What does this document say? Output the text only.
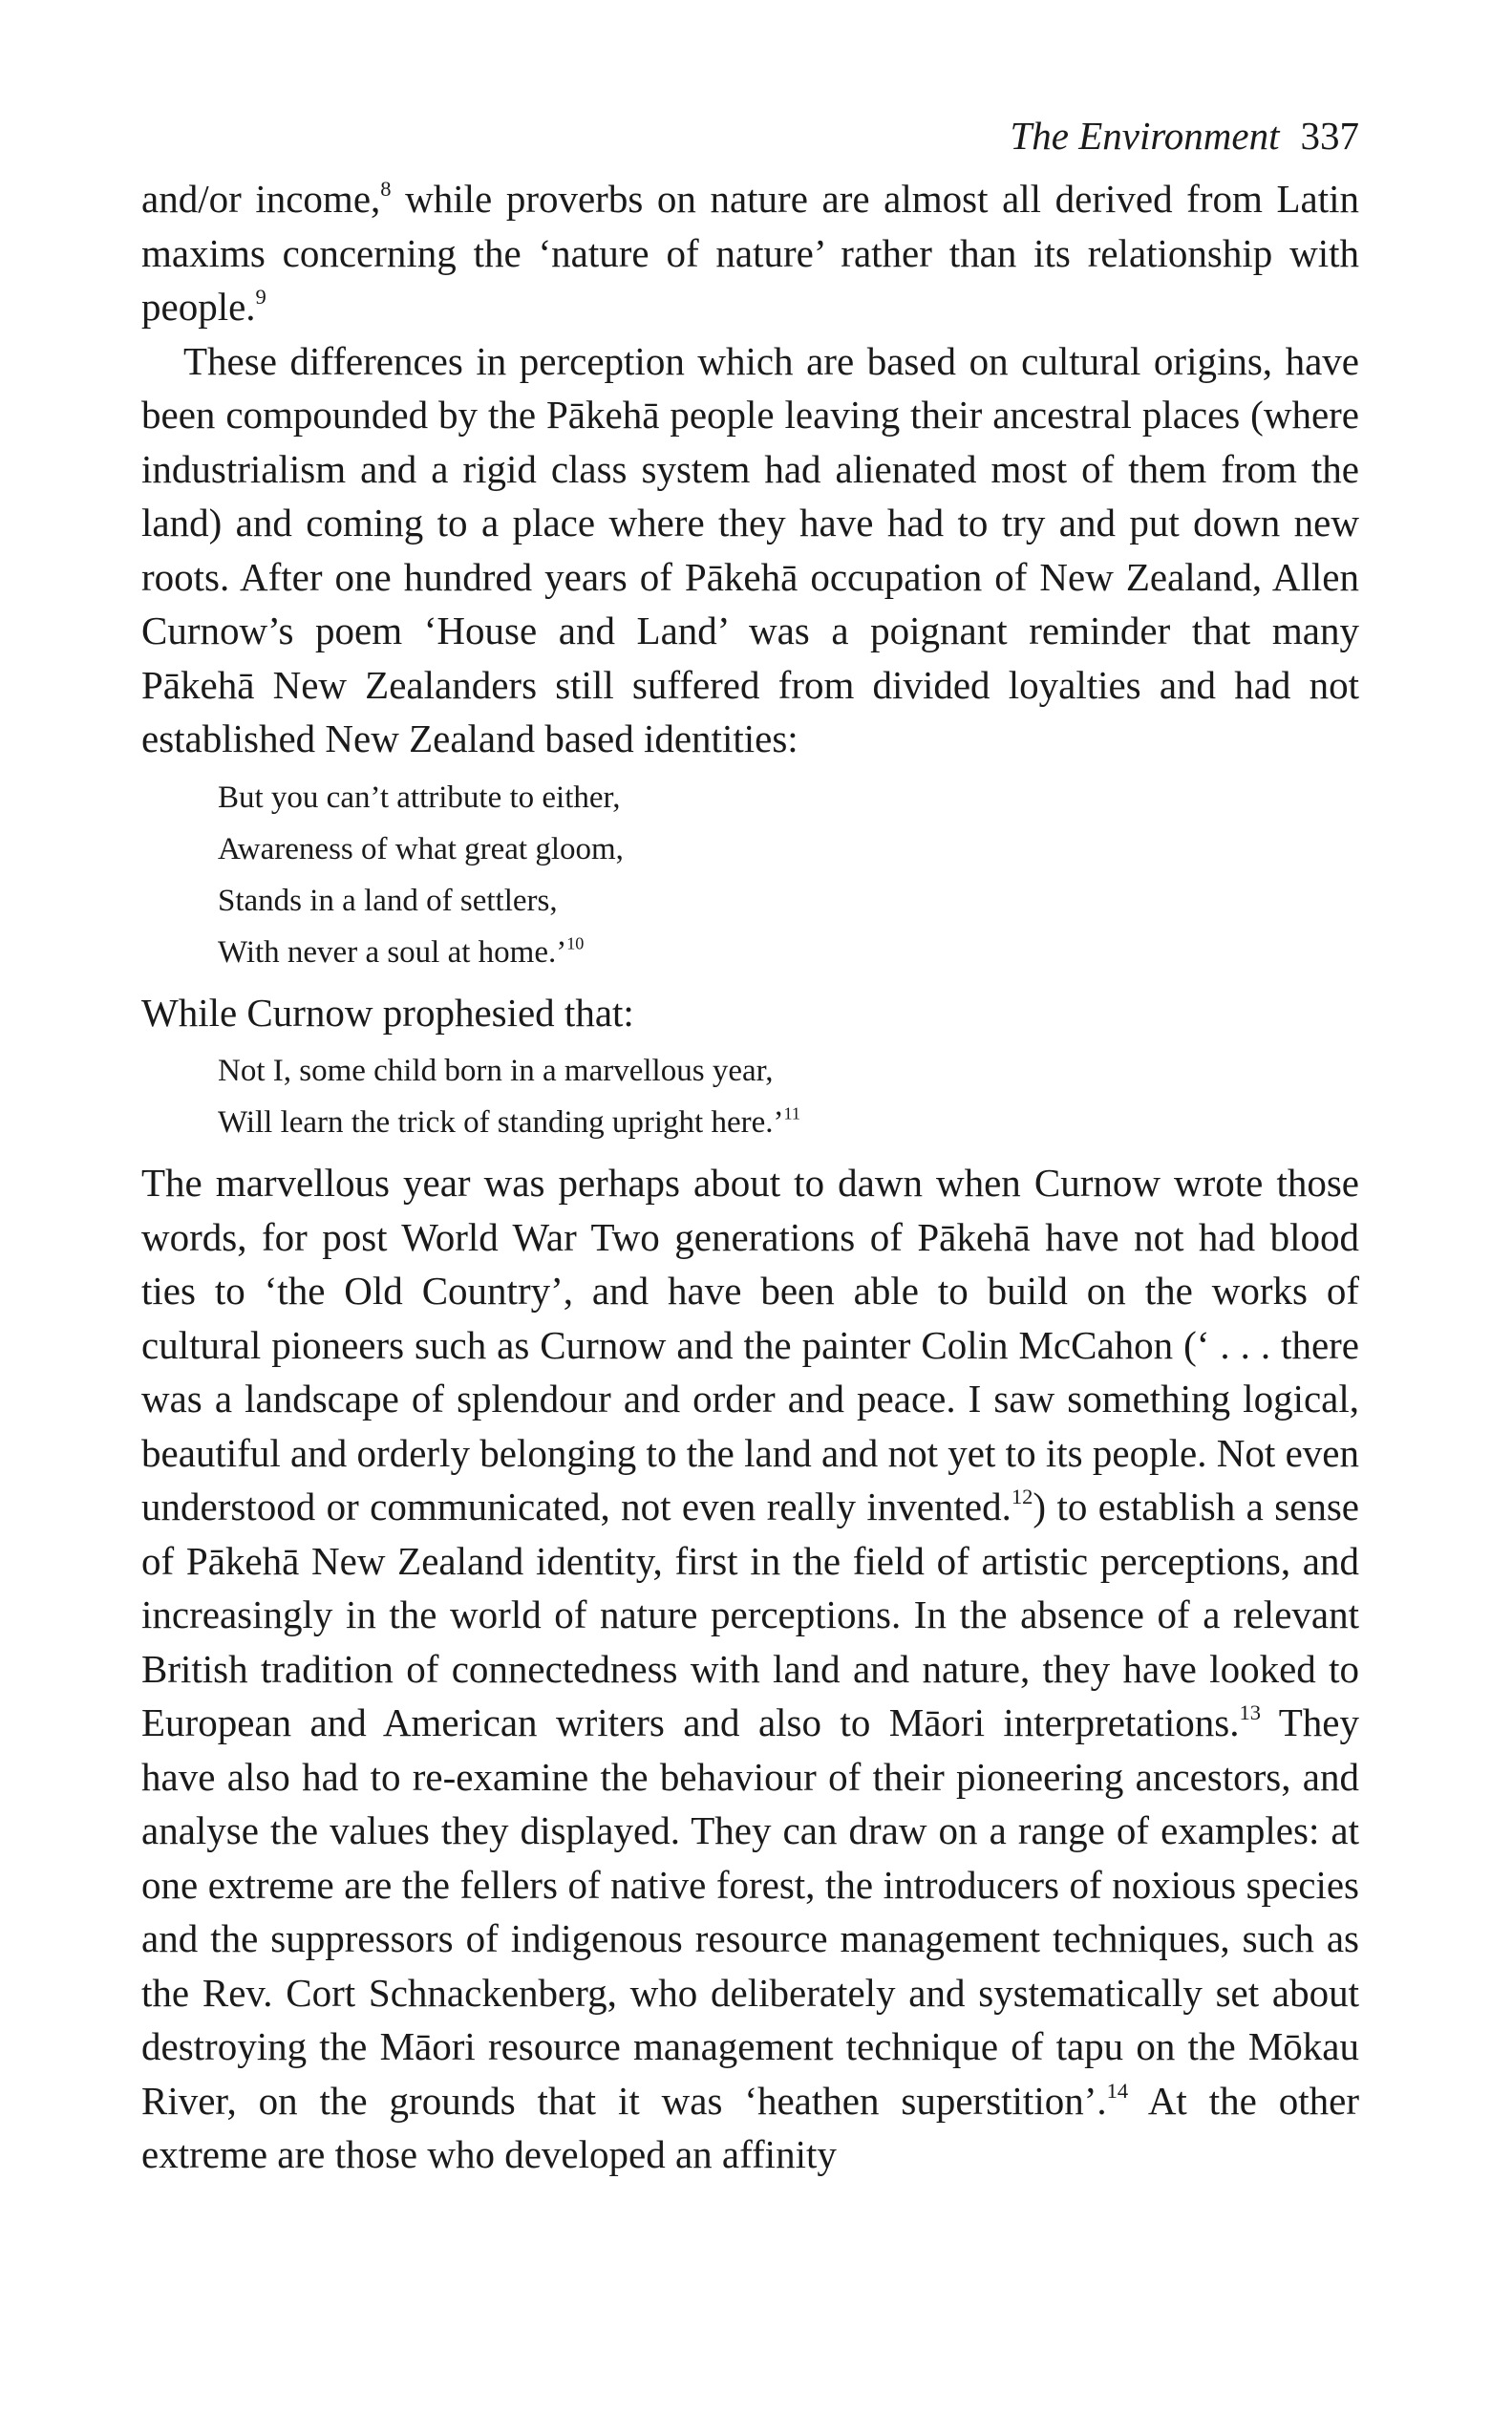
The Environment 337

and/or income,$^8$ while proverbs on nature are almost all derived from Latin maxims concerning the ‘nature of nature’ rather than its relationship with people.$^9$

These differences in perception which are based on cultural origins, have been compounded by the Pākehā people leaving their ancestral places (where industrialism and a rigid class system had alienated most of them from the land) and coming to a place where they have had to try and put down new roots. After one hundred years of Pākehā occupation of New Zealand, Allen Curnow’s poem ‘House and Land’ was a poignant reminder that many Pākehā New Zealanders still suffered from divided loyalties and had not established New Zealand based identities:

But you can’t attribute to either,
Awareness of what great gloom,
Stands in a land of settlers,
With never a soul at home.’$^{10}$

While Curnow prophesied that:

Not I, some child born in a marvellous year,
Will learn the trick of standing upright here.’$^{11}$

The marvellous year was perhaps about to dawn when Curnow wrote those words, for post World War Two generations of Pākehā have not had blood ties to ‘the Old Country’, and have been able to build on the works of cultural pioneers such as Curnow and the painter Colin McCahon (‘ . . . there was a landscape of splendour and order and peace. I saw something logical, beautiful and orderly belonging to the land and not yet to its people. Not even understood or communicated, not even really invented.$^{12}$) to establish a sense of Pākehā New Zealand identity, first in the field of artistic perceptions, and increasingly in the world of nature perceptions. In the absence of a relevant British tradition of connectedness with land and nature, they have looked to European and American writers and also to Māori interpretations.$^{13}$ They have also had to re-examine the behaviour of their pioneering ancestors, and analyse the values they displayed. They can draw on a range of examples: at one extreme are the fellers of native forest, the introducers of noxious species and the suppressors of indigenous resource management techniques, such as the Rev. Cort Schnackenberg, who deliberately and systematically set about destroying the Māori resource management technique of tapu on the Mōkau River, on the grounds that it was ‘heathen superstition’.$^{14}$ At the other extreme are those who developed an affinity
